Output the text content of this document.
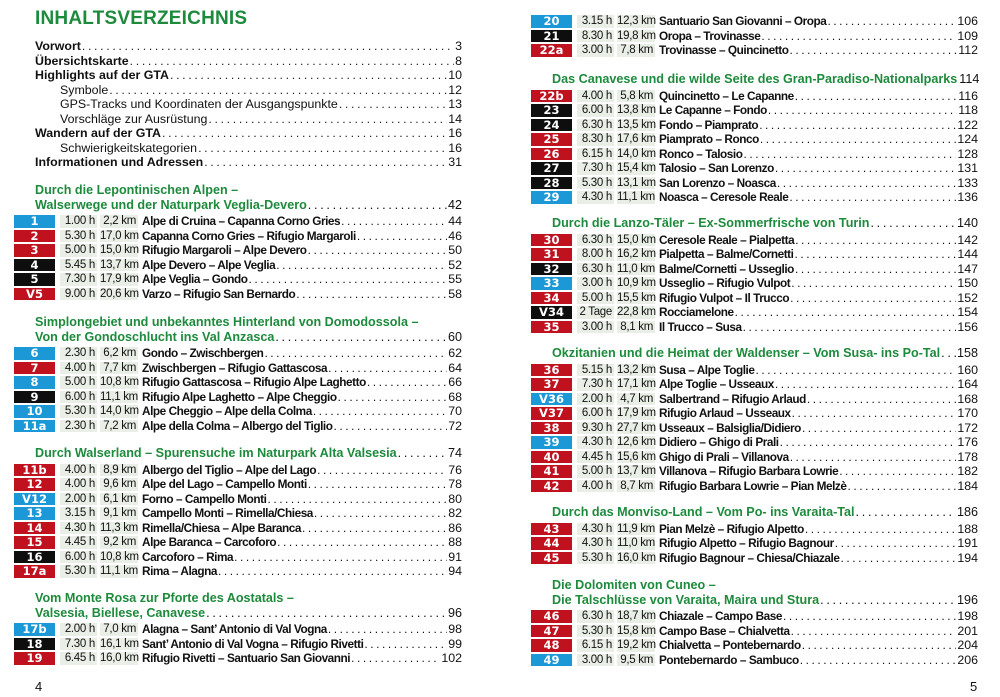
INHALTSVERZEICHNIS
Vorwort . . .	3
Übersichtskarte . . .	8
Highlights auf der GTA . . .	10
Symbole . . .	12
GPS-Tracks und Koordinaten der Ausgangspunkte . . .	13
Vorschläge zur Ausrüstung . . .	14
Wandern auf der GTA . . .	16
Schwierigkeitskategorien . . .	16
Informationen und Adressen . . .	31
Durch die Lepontinischen Alpen –
Walserwege und der Naturpark Veglia-Devero . . .	42
1	1.00 h 2,2 km Alpe di Cruina – Capanna Corno Gries . . .	44
2	5.30 h 17,0 km Capanna Corno Gries – Rifugio Margaroli . . .	46
3	5.00 h 15,0 km Rifugio Margaroli – Alpe Devero . . .	50
4	5.45 h 13,7 km Alpe Devero – Alpe Veglia . . .	52
5	7.30 h 17,9 km Alpe Veglia – Gondo . . .	55
V5	9.00 h 20,6 km Varzo – Rifugio San Bernardo . . .	58
Simplongebiet und unbekanntes Hinterland von Domodossola –
Von der Gondoschlucht ins Val Anzasca . . .	60
6	2.30 h 6,2 km Gondo – Zwischbergen . . .	62
7	4.00 h 7,7 km Zwischbergen – Rifugio Gattascosa . . .	64
8	5.00 h 10,8 km Rifugio Gattascosa – Rifugio Alpe Laghetto . . .	66
9	6.00 h 11,1 km Rifugio Alpe Laghetto – Alpe Cheggio . . .	68
10	5.30 h 14,0 km Alpe Cheggio – Alpe della Colma . . .	70
11a	2.30 h 7,2 km Alpe della Colma – Albergo del Tiglio . . .	72
Durch Walserland – Spurensuche im Naturpark Alta Valsesia . . .	74
11b	4.00 h 8,9 km Albergo del Tiglio – Alpe del Lago . . .	76
12	4.00 h 9,6 km Alpe del Lago – Campello Monti . . .	78
V12	2.00 h 6,1 km Forno – Campello Monti . . .	80
13	3.15 h 9,1 km Campello Monti – Rimella/Chiesa . . .	82
14	4.30 h 11,3 km Rimella/Chiesa – Alpe Baranca . . .	86
15	4.45 h 9,2 km Alpe Baranca – Carcoforo . . .	88
16	6.00 h 10,8 km Carcoforo – Rima . . .	91
17a	5.30 h 11,1 km Rima – Alagna . . .	94
Vom Monte Rosa zur Pforte des Aostatals –
Valsesia, Biellese, Canavese . . .	96
17b	2.00 h 7,0 km Alagna – Sant’ Antonio di Val Vogna . . .	98
18	7.30 h 16,1 km Sant’ Antonio di Val Vogna – Rifugio Rivetti . . .	99
19	6.45 h 16,0 km Rifugio Rivetti – Santuario San Giovanni . . .	102
4
20	3.15 h 12,3 km Santuario San Giovanni – Oropa . . .	106
21	8.30 h 19,8 km Oropa – Trovinasse . . .	109
22a	3.00 h 7,8 km Trovinasse – Quincinetto . . .	112
Das Canavese und die wilde Seite des Gran-Paradiso-Nationalparks 114
22b	4.00 h 5,8 km Quincinetto – Le Capanne . . .	116
23	6.00 h 13,8 km Le Capanne – Fondo . . .	118
24	6.30 h 13,5 km Fondo – Piamprato . . .	122
25	8.30 h 17,6 km Piamprato – Ronco . . .	124
26	6.15 h 14,0 km Ronco – Talosio . . .	128
27	7.30 h 15,4 km Talosio – San Lorenzo . . .	131
28	5.30 h 13,1 km San Lorenzo – Noasca . . .	133
29	4.30 h 11,1 km Noasca – Ceresole Reale . . .	136
Durch die Lanzo-Täler – Ex-Sommerfrische von Turin . . .	140
30	6.30 h 15,0 km Ceresole Reale – Pialpetta . . .	142
31	8.00 h 16,2 km Pialpetta – Balme/Cornetti . . .	144
32	6.30 h 11,0 km Balme/Cornetti – Usseglio . . .	147
33	3.00 h 10,9 km Usseglio – Rifugio Vulpot . . .	150
34	5.00 h 15,5 km Rifugio Vulpot – Il Trucco . . .	152
V34	2 Tage 22,8 km Rocciamelone . . .	154
35	3.00 h 8,1 km Il Trucco – Susa . . .	156
Okzitanien und die Heimat der Waldenser – Vom Susa- ins Po-Tal . . . 158
36	5.15 h 13,2 km Susa – Alpe Toglie . . .	160
37	7.30 h 17,1 km Alpe Toglie – Usseaux . . .	164
V36	2.00 h 4,7 km Salbertrand – Rifugio Arlaud . . .	168
V37	6.00 h 17,9 km Rifugio Arlaud – Usseaux . . .	170
38	9.30 h 27,7 km Usseaux – Balsiglia/Didiero . . .	172
39	4.30 h 12,6 km Didiero – Ghigo di Prali . . .	176
40	4.45 h 15,6 km Ghigo di Prali – Villanova . . .	178
41	5.00 h 13,7 km Villanova – Rifugio Barbara Lowrie . . .	182
42	4.00 h 8,7 km Rifugio Barbara Lowrie – Pian Melzè . . .	184
Durch das Monviso-Land – Vom Po- ins Varaita-Tal . . .	186
43	4.30 h 11,9 km Pian Melzè – Rifugio Alpetto . . .	188
44	4.30 h 11,0 km Rifugio Alpetto – Rifugio Bagnour . . .	191
45	5.30 h 16,0 km Rifugio Bagnour – Chiesa/Chiazale . . .	194
Die Dolomiten von Cuneo –
Die Talschlüsse von Varaita, Maira und Stura . . .	196
46	6.30 h 18,7 km Chiazale – Campo Base . . .	198
47	5.30 h 15,8 km Campo Base – Chialvetta . . .	201
48	6.15 h 19,2 km Chialvetta – Pontebernardo . . .	204
49	3.00 h 9,5 km Pontebernardo – Sambuco . . .	206
5
